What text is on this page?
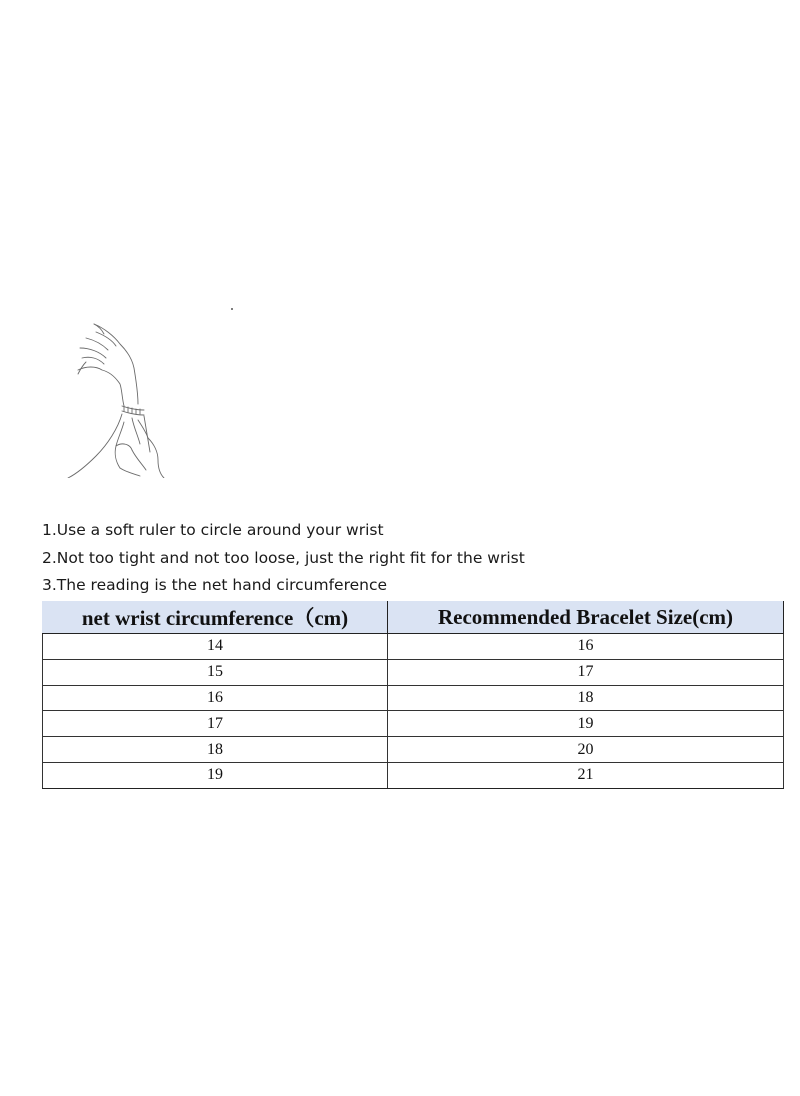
1.Use a soft ruler to circle around your wrist
2.Not too tight and not too loose, just the right fit for the wrist
3.The reading is the net hand circumference
net wrist circumference（cm)	Recommended Bracelet Size(cm)
14	16
15	17
16	18
17	19
18	20
19	21
